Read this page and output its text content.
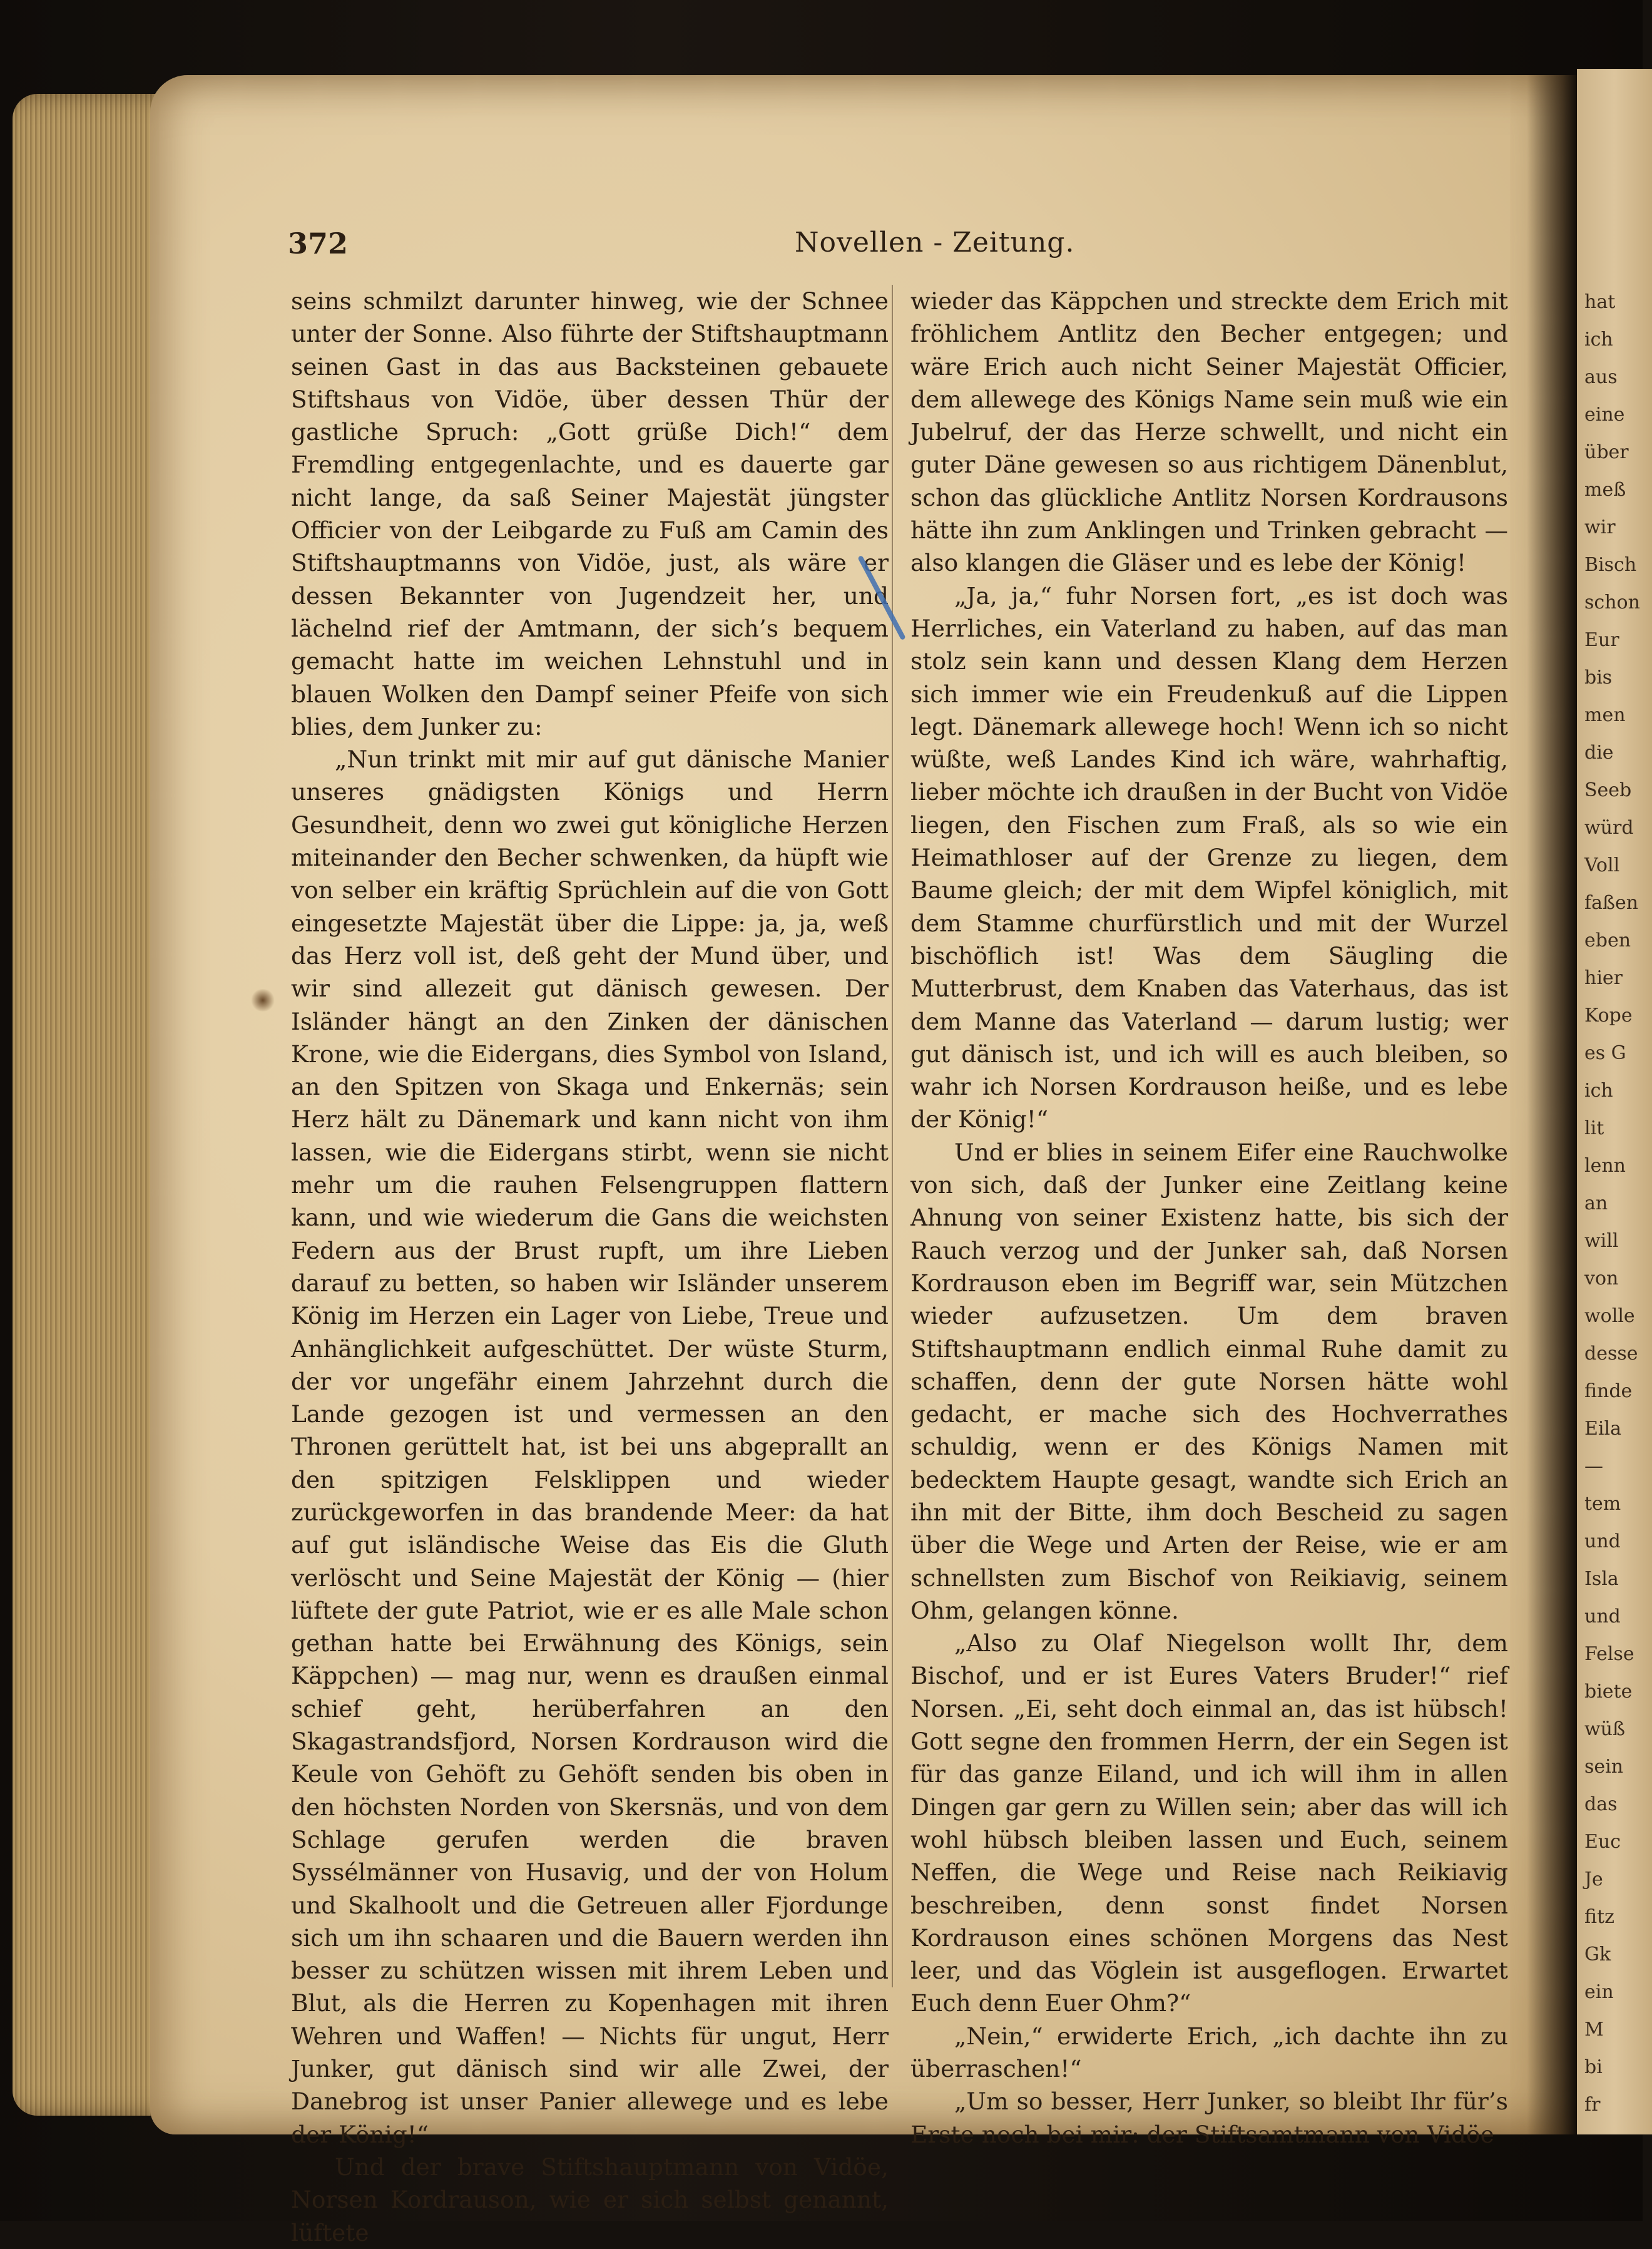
hat
ich
aus
eine
über
meß
wir
Bisch
schon
Eur
bis
men
die
Seeb
würd
Voll
faßen
eben
hier
Kope
es G
ich
lit
lenn
an
will
von
wolle
desse
finde
Eila
—
tem
und
Isla
und
Felse
biete
wüß
sein
das
Euc
Je
fitz
Gk
ein
M
bi
fr
372	Novellen - Zeitung.

seins schmilzt darunter hinweg, wie der Schnee unter der Sonne. Also führte der Stiftshauptmann seinen Gast in das aus Backsteinen gebauete Stiftshaus von Vidöe, über dessen Thür der gastliche Spruch: „Gott grüße Dich!“ dem Fremdling entgegenlachte, und es dauerte gar nicht lange, da saß Seiner Majestät jüngster Officier von der Leibgarde zu Fuß am Camin des Stiftshauptmanns von Vidöe, just, als wäre er dessen Bekannter von Jugendzeit her, und lächelnd rief der Amtmann, der sich’s bequem gemacht hatte im weichen Lehnstuhl und in blauen Wolken den Dampf seiner Pfeife von sich blies, dem Junker zu:

„Nun trinkt mit mir auf gut dänische Manier unseres gnädigsten Königs und Herrn Gesundheit, denn wo zwei gut königliche Herzen miteinander den Becher schwenken, da hüpft wie von selber ein kräftig Sprüchlein auf die von Gott eingesetzte Majestät über die Lippe: ja, ja, weß das Herz voll ist, deß geht der Mund über, und wir sind allezeit gut dänisch gewesen. Der Isländer hängt an den Zinken der dänischen Krone, wie die Eidergans, dies Symbol von Island, an den Spitzen von Skaga und Enkernäs; sein Herz hält zu Dänemark und kann nicht von ihm lassen, wie die Eidergans stirbt, wenn sie nicht mehr um die rauhen Felsengruppen flattern kann, und wie wiederum die Gans die weichsten Federn aus der Brust rupft, um ihre Lieben darauf zu betten, so haben wir Isländer unserem König im Herzen ein Lager von Liebe, Treue und Anhänglichkeit aufgeschüttet. Der wüste Sturm, der vor ungefähr einem Jahrzehnt durch die Lande gezogen ist und vermessen an den Thronen gerüttelt hat, ist bei uns abgeprallt an den spitzigen Felsklippen und wieder zurückgeworfen in das brandende Meer: da hat auf gut isländische Weise das Eis die Gluth verlöscht und Seine Majestät der König — (hier lüftete der gute Patriot, wie er es alle Male schon gethan hatte bei Erwähnung des Königs, sein Käppchen) — mag nur, wenn es draußen einmal schief geht, herüberfahren an den Skagastrandsfjord, Norsen Kordrauson wird die Keule von Gehöft zu Gehöft senden bis oben in den höchsten Norden von Skersnäs, und von dem Schlage gerufen werden die braven Syssélmänner von Husavig, und der von Holum und Skalhoolt und die Getreuen aller Fjordunge sich um ihn schaaren und die Bauern werden ihn besser zu schützen wissen mit ihrem Leben und Blut, als die Herren zu Kopenhagen mit ihren Wehren und Waffen! — Nichts für ungut, Herr Junker, gut dänisch sind wir alle Zwei, der Danebrog ist unser Panier allewege und es lebe der König!“

Und der brave Stiftshauptmann von Vidöe, Norsen Kordrauson, wie er sich selbst genannt, lüftete

wieder das Käppchen und streckte dem Erich mit fröhlichem Antlitz den Becher entgegen; und wäre Erich auch nicht Seiner Majestät Officier, dem allewege des Königs Name sein muß wie ein Jubelruf, der das Herze schwellt, und nicht ein guter Däne gewesen so aus richtigem Dänenblut, schon das glückliche Antlitz Norsen Kordrausons hätte ihn zum Anklingen und Trinken gebracht — also klangen die Gläser und es lebe der König!

„Ja, ja,“ fuhr Norsen fort, „es ist doch was Herrliches, ein Vaterland zu haben, auf das man stolz sein kann und dessen Klang dem Herzen sich immer wie ein Freudenkuß auf die Lippen legt. Dänemark allewege hoch! Wenn ich so nicht wüßte, weß Landes Kind ich wäre, wahrhaftig, lieber möchte ich draußen in der Bucht von Vidöe liegen, den Fischen zum Fraß, als so wie ein Heimathloser auf der Grenze zu liegen, dem Baume gleich; der mit dem Wipfel königlich, mit dem Stamme churfürstlich und mit der Wurzel bischöflich ist! Was dem Säugling die Mutterbrust, dem Knaben das Vaterhaus, das ist dem Manne das Vaterland — darum lustig; wer gut dänisch ist, und ich will es auch bleiben, so wahr ich Norsen Kordrauson heiße, und es lebe der König!“

Und er blies in seinem Eifer eine Rauchwolke von sich, daß der Junker eine Zeitlang keine Ahnung von seiner Existenz hatte, bis sich der Rauch verzog und der Junker sah, daß Norsen Kordrauson eben im Begriff war, sein Mützchen wieder aufzusetzen. Um dem braven Stiftshauptmann endlich einmal Ruhe damit zu schaffen, denn der gute Norsen hätte wohl gedacht, er mache sich des Hochverrathes schuldig, wenn er des Königs Namen mit bedecktem Haupte gesagt, wandte sich Erich an ihn mit der Bitte, ihm doch Bescheid zu sagen über die Wege und Arten der Reise, wie er am schnellsten zum Bischof von Reikiavig, seinem Ohm, gelangen könne.

„Also zu Olaf Niegelson wollt Ihr, dem Bischof, und er ist Eures Vaters Bruder!“ rief Norsen. „Ei, seht doch einmal an, das ist hübsch! Gott segne den frommen Herrn, der ein Segen ist für das ganze Eiland, und ich will ihm in allen Dingen gar gern zu Willen sein; aber das will ich wohl hübsch bleiben lassen und Euch, seinem Neffen, die Wege und Reise nach Reikiavig beschreiben, denn sonst findet Norsen Kordrauson eines schönen Morgens das Nest leer, und das Vöglein ist ausgeflogen. Erwartet Euch denn Euer Ohm?“

„Nein,“ erwiderte Erich, „ich dachte ihn zu überraschen!“

„Um so besser, Herr Junker, so bleibt Ihr für’s Erste noch bei mir: der Stiftsamtmann von Vidöe
